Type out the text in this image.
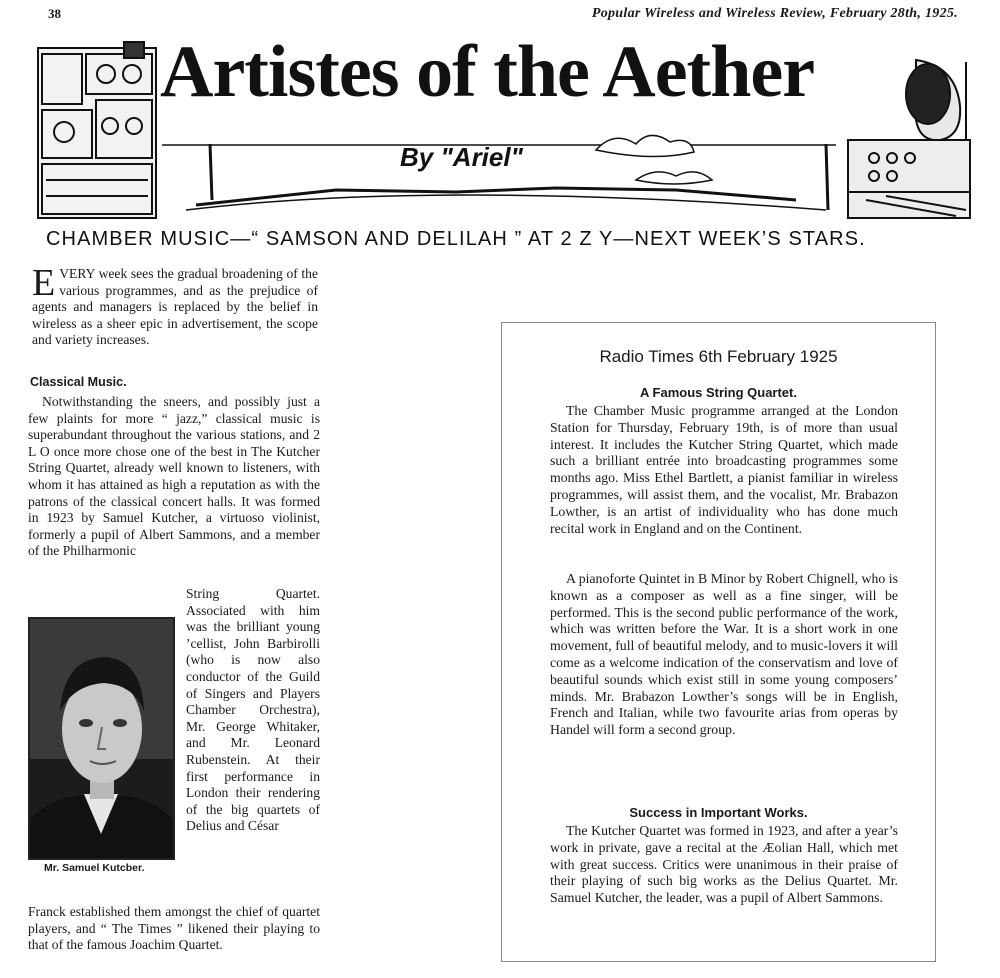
38	Popular Wireless and Wireless Review, February 28th, 1925.
Artistes of the Aether
By "Ariel"
CHAMBER MUSIC—“ SAMSON AND DELILAH ” AT 2 Z Y—NEXT WEEK’S STARS.
EVERY week sees the gradual broadening of the various programmes, and as the prejudice of agents and managers is replaced by the belief in wireless as a sheer epic in advertisement, the scope and variety increases.
Classical Music.
Notwithstanding the sneers, and possibly just a few plaints for more “ jazz,” classical music is superabundant throughout the various stations, and 2 L O once more chose one of the best in The Kutcher String Quartet, already well known to listeners, with whom it has attained as high a reputation as with the patrons of the classical concert halls. It was formed in 1923 by Samuel Kutcher, a virtuoso violinist, formerly a pupil of Albert Sammons, and a member of the Philharmonic
Mr. Samuel Kutcber.
String Quartet. Associated with him was the brilliant young ’cellist, John Barbirolli (who is now also conductor of the Guild of Singers and Players Chamber Orchestra), Mr. George Whitaker, and Mr. Leonard Rubenstein. At their first performance in London their rendering of the big quartets of Delius and César
Franck established them amongst the chief of quartet players, and “ The Times ” likened their playing to that of the famous Joachim Quartet.
Radio Times 6th February 1925
A Famous String Quartet.
The Chamber Music programme arranged at the London Station for Thursday, February 19th, is of more than usual interest. It includes the Kutcher String Quartet, which made such a brilliant entrée into broadcasting programmes some months ago. Miss Ethel Bartlett, a pianist familiar in wireless programmes, will assist them, and the vocalist, Mr. Brabazon Lowther, is an artist of individuality who has done much recital work in England and on the Continent.
A pianoforte Quintet in B Minor by Robert Chignell, who is known as a composer as well as a fine singer, will be performed. This is the second public performance of the work, which was written before the War. It is a short work in one movement, full of beautiful melody, and to music-lovers it will come as a welcome indication of the conservatism and love of beautiful sounds which exist still in some young composers’ minds. Mr. Brabazon Lowther’s songs will be in English, French and Italian, while two favourite arias from operas by Handel will form a second group.
Success in Important Works.
The Kutcher Quartet was formed in 1923, and after a year’s work in private, gave a recital at the Æolian Hall, which met with great success. Critics were unanimous in their praise of their playing of such big works as the Delius Quartet. Mr. Samuel Kutcher, the leader, was a pupil of Albert Sammons.
